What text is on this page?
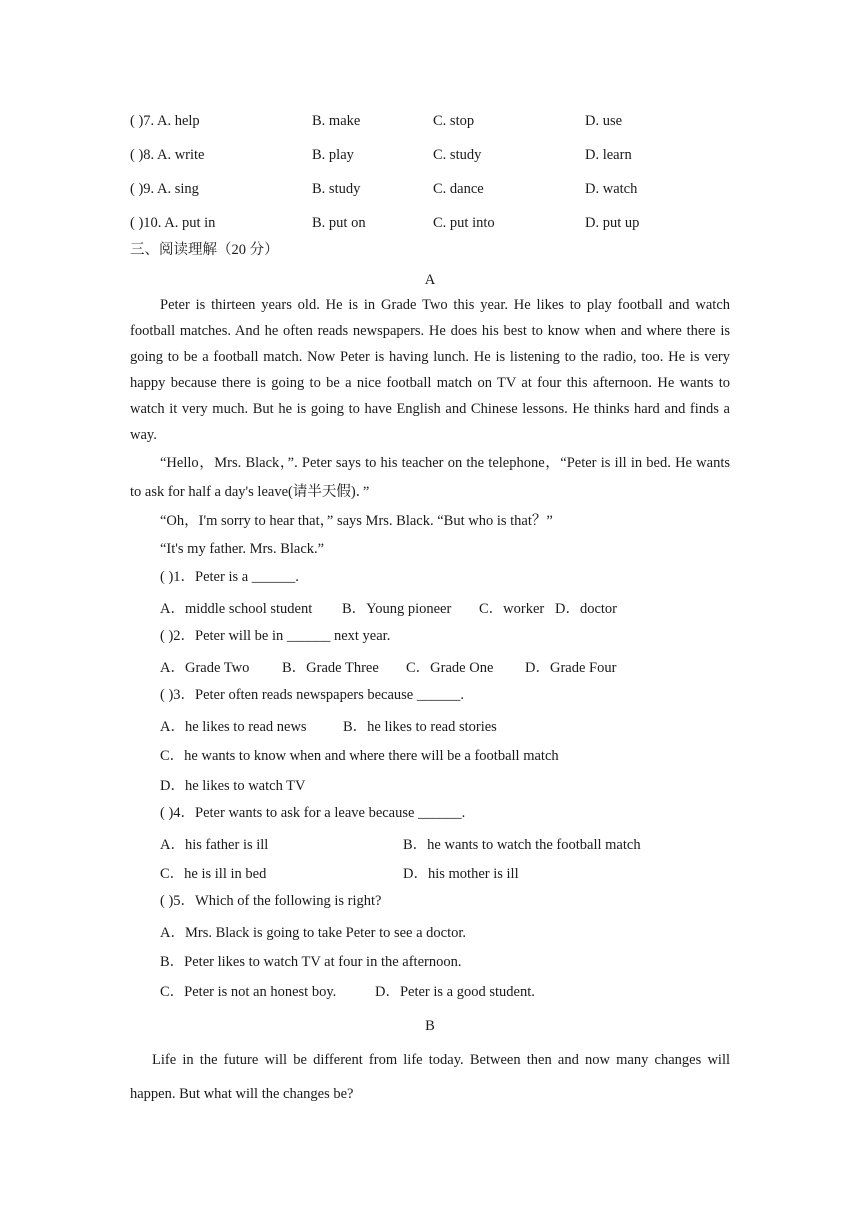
( )7. A. help	B. make	C. stop	D. use
( )8. A. write	B. play	C. study	D. learn
( )9. A. sing	B. study	C. dance	D. watch
( )10. A. put in	B. put on	C. put into	D. put up
三、阅读理解（20 分）
A
Peter is thirteen years old. He is in Grade Two this year. He likes to play football and watch football matches. And he often reads newspapers. He does his best to know when and where there is going to be a football match. Now Peter is having lunch. He is listening to the radio, too. He is very happy because there is going to be a nice football match on TV at four this afternoon. He wants to watch it very much. But he is going to have English and Chinese lessons. He thinks hard and finds a way.
“Hello，Mrs. Black，”. Peter says to his teacher on the telephone，“Peter is ill in bed. He wants to ask for half a day's leave(请半天假)．”
“Oh，I'm sorry to hear that，” says Mrs. Black. “But who is that？”
“It's my father. Mrs. Black.”
( )1．Peter is a ______.
A．middle school student B．Young pioneer C．worker D．doctor
( )2．Peter will be in ______ next year.
A．Grade Two B．Grade Three C．Grade One D．Grade Four
( )3．Peter often reads newspapers because ______.
A．he likes to read news	B．he likes to read stories
C．he wants to know when and where there will be a football match
D．he likes to watch TV
( )4．Peter wants to ask for a leave because ______.
A．his father is ill	B．he wants to watch the football match
C．he is ill in bed	D．his mother is ill
( )5．Which of the following is right?
A．Mrs. Black is going to take Peter to see a doctor.
B．Peter likes to watch TV at four in the afternoon.
C．Peter is not an honest boy.	D．Peter is a good student.
B
Life in the future will be different from life today. Between then and now many changes will happen. But what will the changes be?
